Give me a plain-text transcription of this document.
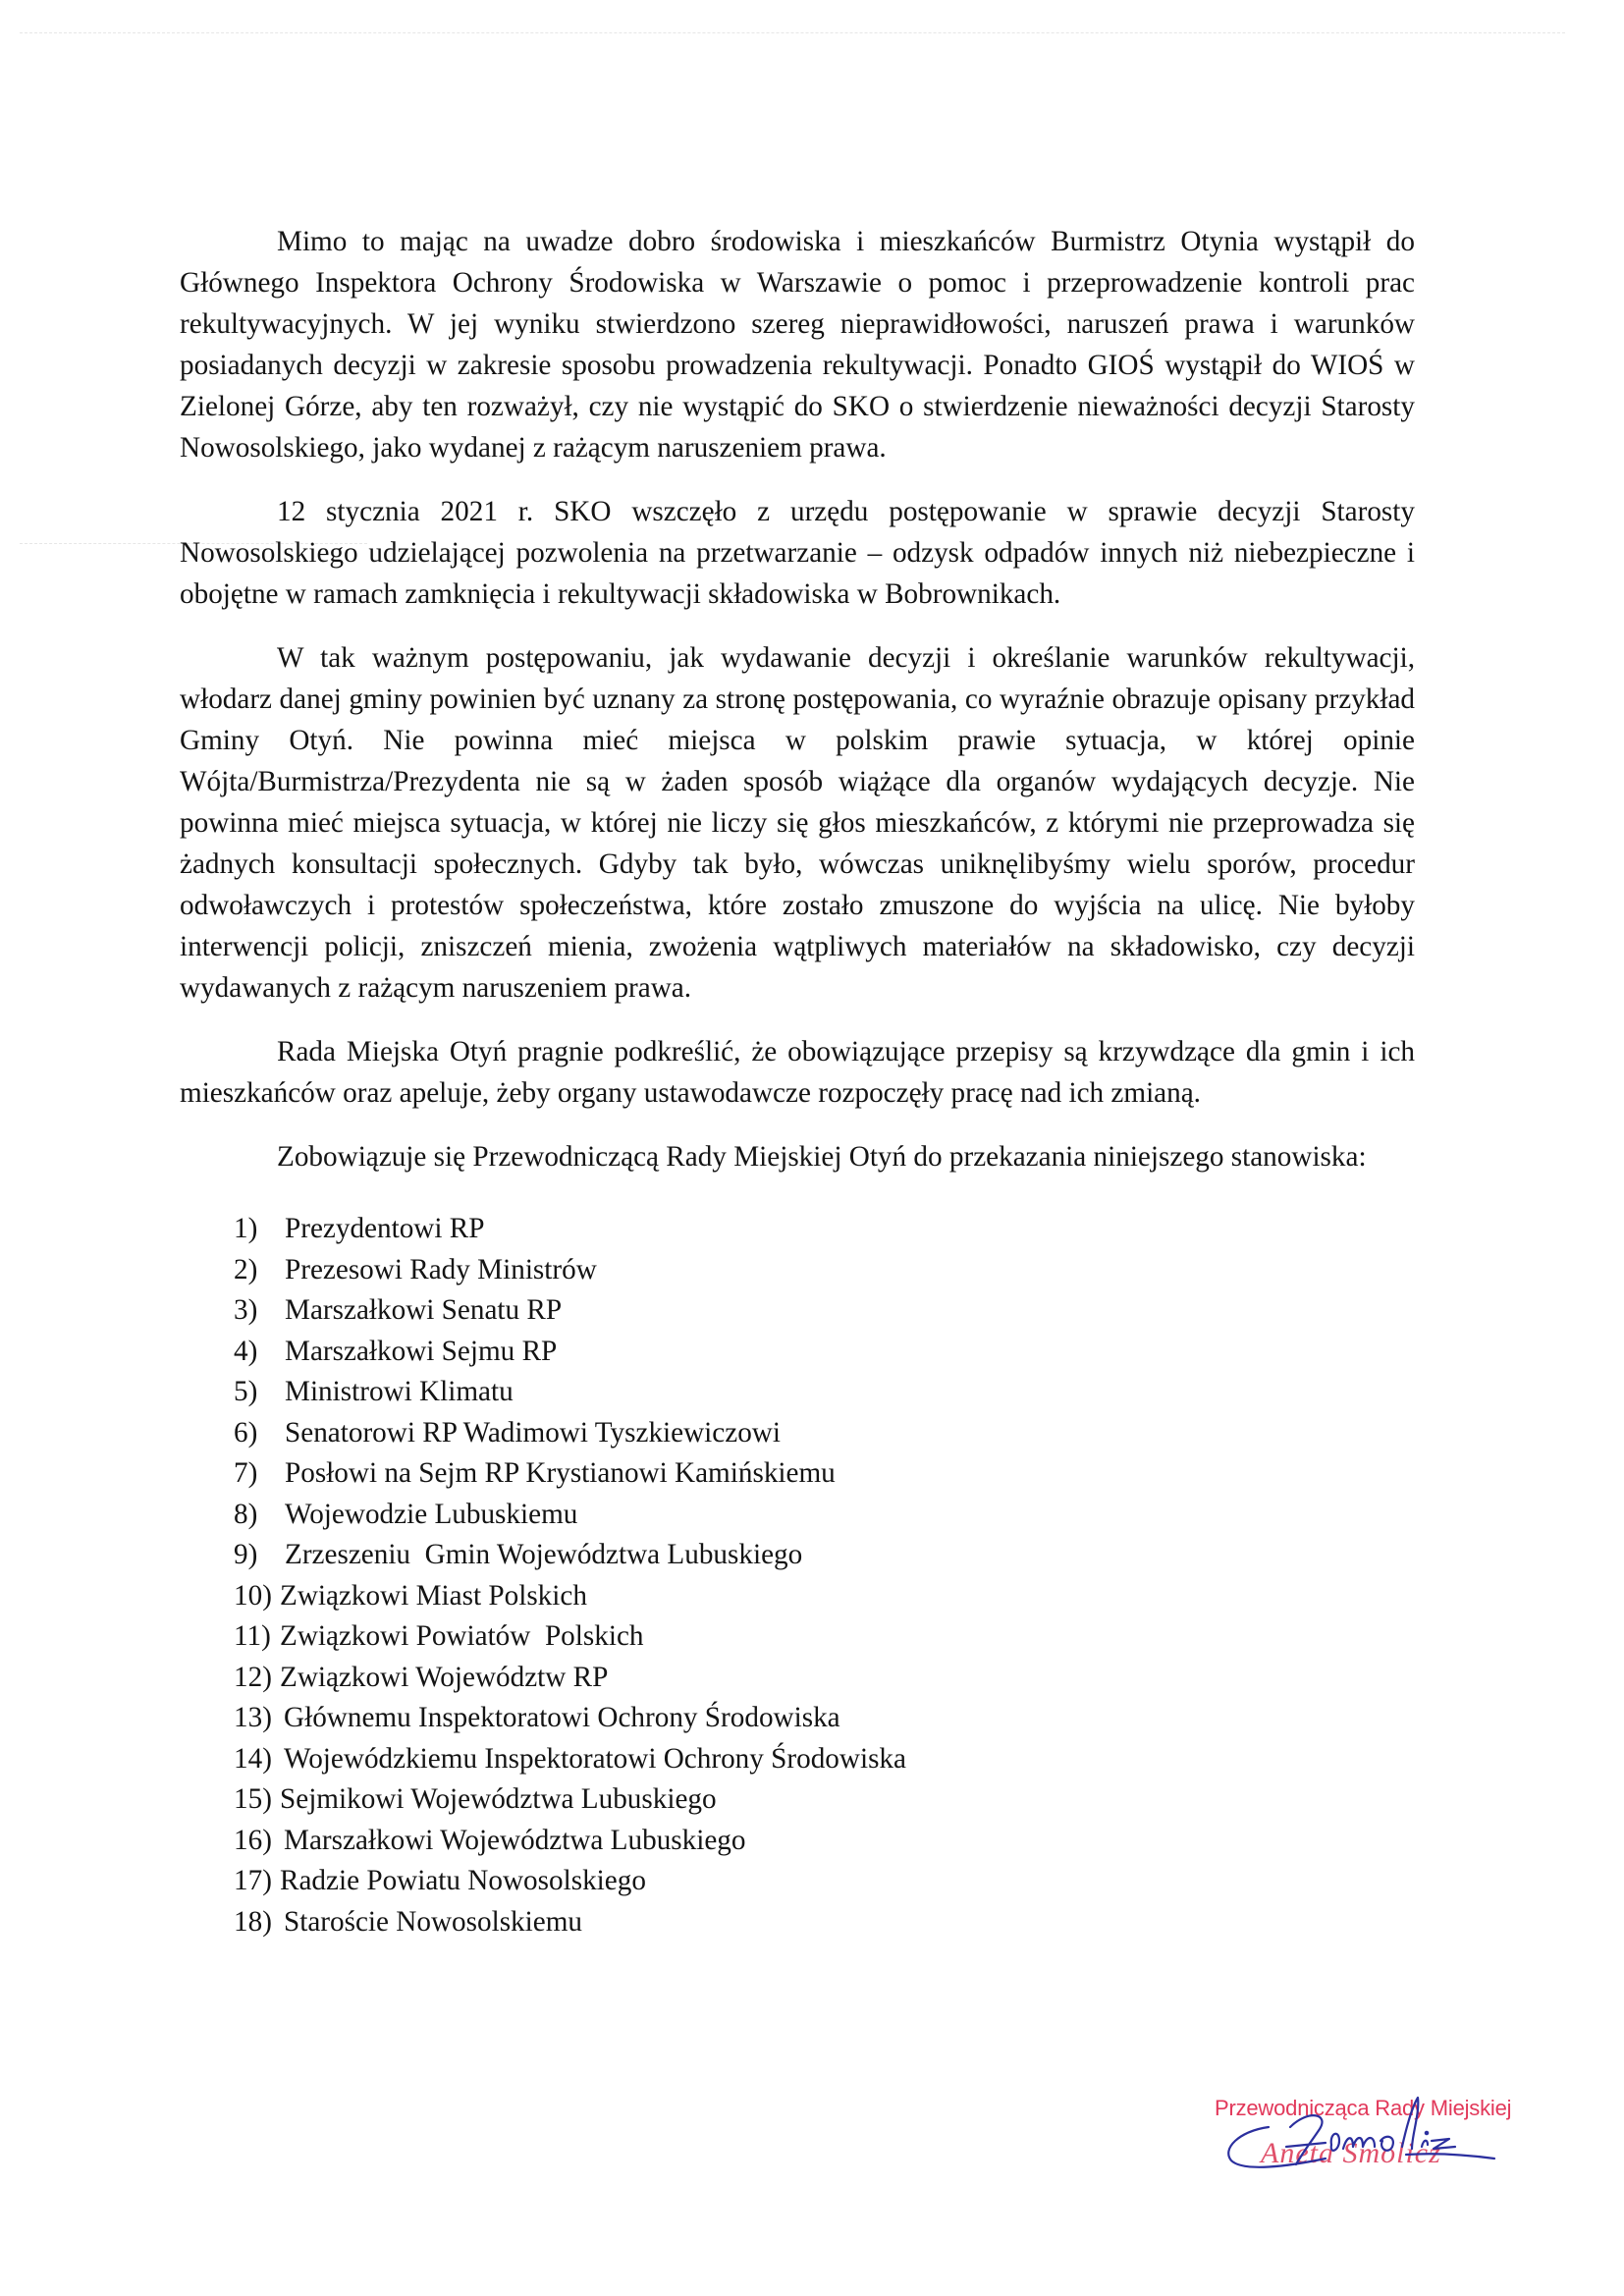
Mimo to mając na uwadze dobro środowiska i mieszkańców Burmistrz Otynia wystąpił do Głównego Inspektora Ochrony Środowiska w Warszawie o pomoc i przeprowadzenie kontroli prac rekultywacyjnych. W jej wyniku stwierdzono szereg nieprawidłowości, naruszeń prawa i warunków posiadanych decyzji w zakresie sposobu prowadzenia rekultywacji. Ponadto GIOŚ wystąpił do WIOŚ w Zielonej Górze, aby ten rozważył, czy nie wystąpić do SKO o stwierdzenie nieważności decyzji Starosty Nowosolskiego, jako wydanej z rażącym naruszeniem prawa.

12 stycznia 2021 r. SKO wszczęło z urzędu postępowanie w sprawie decyzji Starosty Nowosolskiego udzielającej pozwolenia na przetwarzanie – odzysk odpadów innych niż niebezpieczne i obojętne w ramach zamknięcia i rekultywacji składowiska w Bobrownikach.

W tak ważnym postępowaniu, jak wydawanie decyzji i określanie warunków rekultywacji, włodarz danej gminy powinien być uznany za stronę postępowania, co wyraźnie obrazuje opisany przykład Gminy Otyń. Nie powinna mieć miejsca w polskim prawie sytuacja, w której opinie Wójta/Burmistrza/Prezydenta nie są w żaden sposób wiążące dla organów wydających decyzje. Nie powinna mieć miejsca sytuacja, w której nie liczy się głos mieszkańców, z którymi nie przeprowadza się żadnych konsultacji społecznych. Gdyby tak było, wówczas uniknęlibyśmy wielu sporów, procedur odwoławczych i protestów społeczeństwa, które zostało zmuszone do wyjścia na ulicę. Nie byłoby interwencji policji, zniszczeń mienia, zwożenia wątpliwych materiałów na składowisko, czy decyzji wydawanych z rażącym naruszeniem prawa.

Rada Miejska Otyń pragnie podkreślić, że obowiązujące przepisy są krzywdzące dla gmin i ich mieszkańców oraz apeluje, żeby organy ustawodawcze rozpoczęły pracę nad ich zmianą.

Zobowiązuje się Przewodniczącą Rady Miejskiej Otyń do przekazania niniejszego stanowiska:

1) Prezydentowi RP
2) Prezesowi Rady Ministrów
3) Marszałkowi Senatu RP
4) Marszałkowi Sejmu RP
5) Ministrowi Klimatu
6) Senatorowi RP Wadimowi Tyszkiewiczowi
7) Posłowi na Sejm RP Krystianowi Kamińskiemu
8) Wojewodzie Lubuskiemu
9) Zrzeszeniu  Gmin Województwa Lubuskiego
10) Związkowi Miast Polskich
11) Związkowi Powiatów  Polskich
12) Związkowi Województw RP
13) Głównemu Inspektoratowi Ochrony Środowiska
14) Wojewódzkiemu Inspektoratowi Ochrony Środowiska
15) Sejmikowi Województwa Lubuskiego
16) Marszałkowi Województwa Lubuskiego
17) Radzie Powiatu Nowosolskiego
18) Staroście Nowosolskiemu
Przewodnicząca Rady Miejskiej
Aneta Smolicz
